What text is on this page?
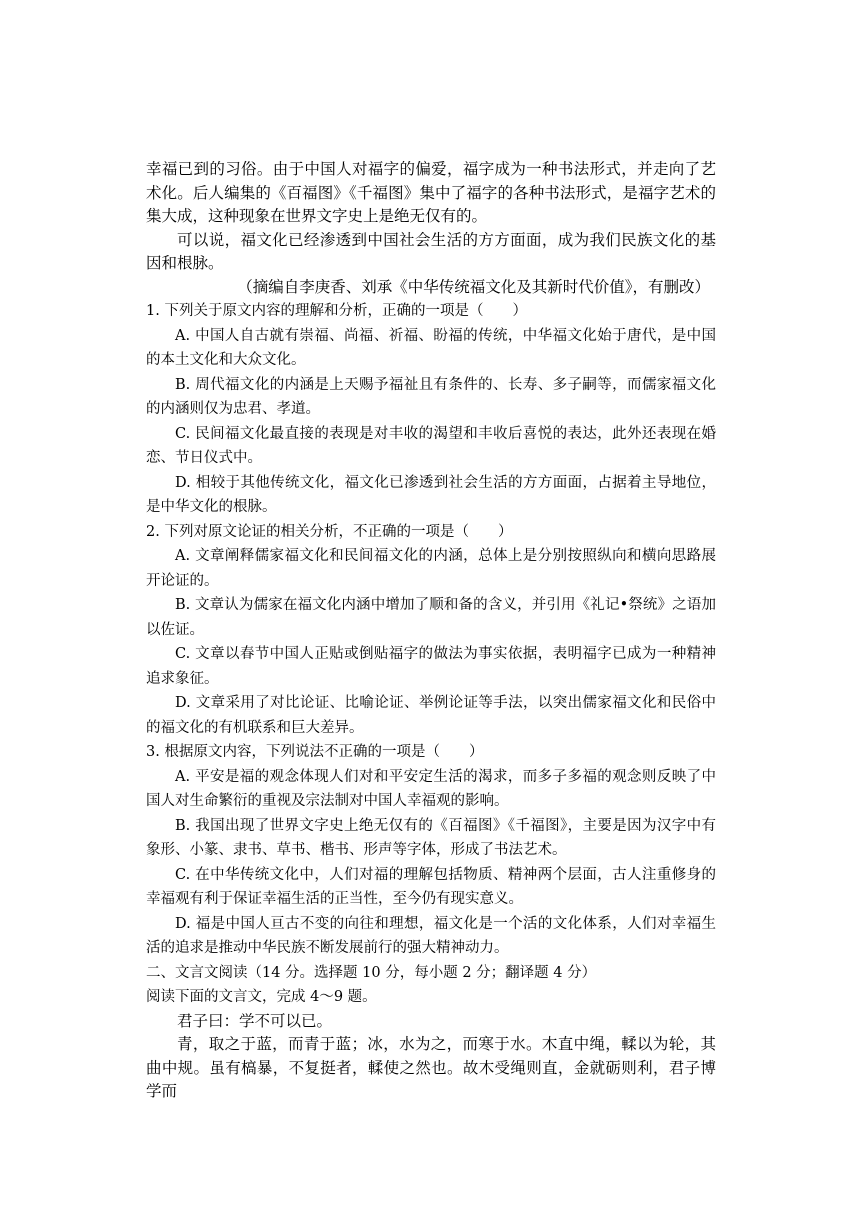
幸福已到的习俗。由于中国人对福字的偏爱，福字成为一种书法形式，并走向了艺术化。后人编集的《百福图》《千福图》集中了福字的各种书法形式，是福字艺术的集大成，这种现象在世界文字史上是绝无仅有的。

可以说，福文化已经渗透到中国社会生活的方方面面，成为我们民族文化的基因和根脉。

（摘编自李庚香、刘承《中华传统福文化及其新时代价值》，有删改）

1. 下列关于原文内容的理解和分析，正确的一项是（　　）

A. 中国人自古就有崇福、尚福、祈福、盼福的传统，中华福文化始于唐代，是中国的本土文化和大众文化。

B. 周代福文化的内涵是上天赐予福祉且有条件的、长寿、多子嗣等，而儒家福文化的内涵则仅为忠君、孝道。

C. 民间福文化最直接的表现是对丰收的渴望和丰收后喜悦的表达，此外还表现在婚恋、节日仪式中。

D. 相较于其他传统文化，福文化已渗透到社会生活的方方面面，占据着主导地位，是中华文化的根脉。

2. 下列对原文论证的相关分析，不正确的一项是（　　）

A. 文章阐释儒家福文化和民间福文化的内涵，总体上是分别按照纵向和横向思路展开论证的。

B. 文章认为儒家在福文化内涵中增加了顺和备的含义，并引用《礼记•祭统》之语加以佐证。

C. 文章以春节中国人正贴或倒贴福字的做法为事实依据，表明福字已成为一种精神追求象征。

D. 文章采用了对比论证、比喻论证、举例论证等手法，以突出儒家福文化和民俗中的福文化的有机联系和巨大差异。

3. 根据原文内容，下列说法不正确的一项是（　　）

A. 平安是福的观念体现人们对和平安定生活的渴求，而多子多福的观念则反映了中国人对生命繁衍的重视及宗法制对中国人幸福观的影响。

B. 我国出现了世界文字史上绝无仅有的《百福图》《千福图》，主要是因为汉字中有象形、小篆、隶书、草书、楷书、形声等字体，形成了书法艺术。

C. 在中华传统文化中，人们对福的理解包括物质、精神两个层面，古人注重修身的幸福观有利于保证幸福生活的正当性，至今仍有现实意义。

D. 福是中国人亘古不变的向往和理想，福文化是一个活的文化体系，人们对幸福生活的追求是推动中华民族不断发展前行的强大精神动力。

二、文言文阅读（14 分。选择题 10 分，每小题 2 分；翻译题 4 分）

阅读下面的文言文，完成 4～9 题。

君子曰：学不可以已。

青，取之于蓝，而青于蓝；冰，水为之，而寒于水。木直中绳，輮以为轮，其曲中规。虽有槁暴，不复挺者，輮使之然也。故木受绳则直，金就砺则利，君子博学而
